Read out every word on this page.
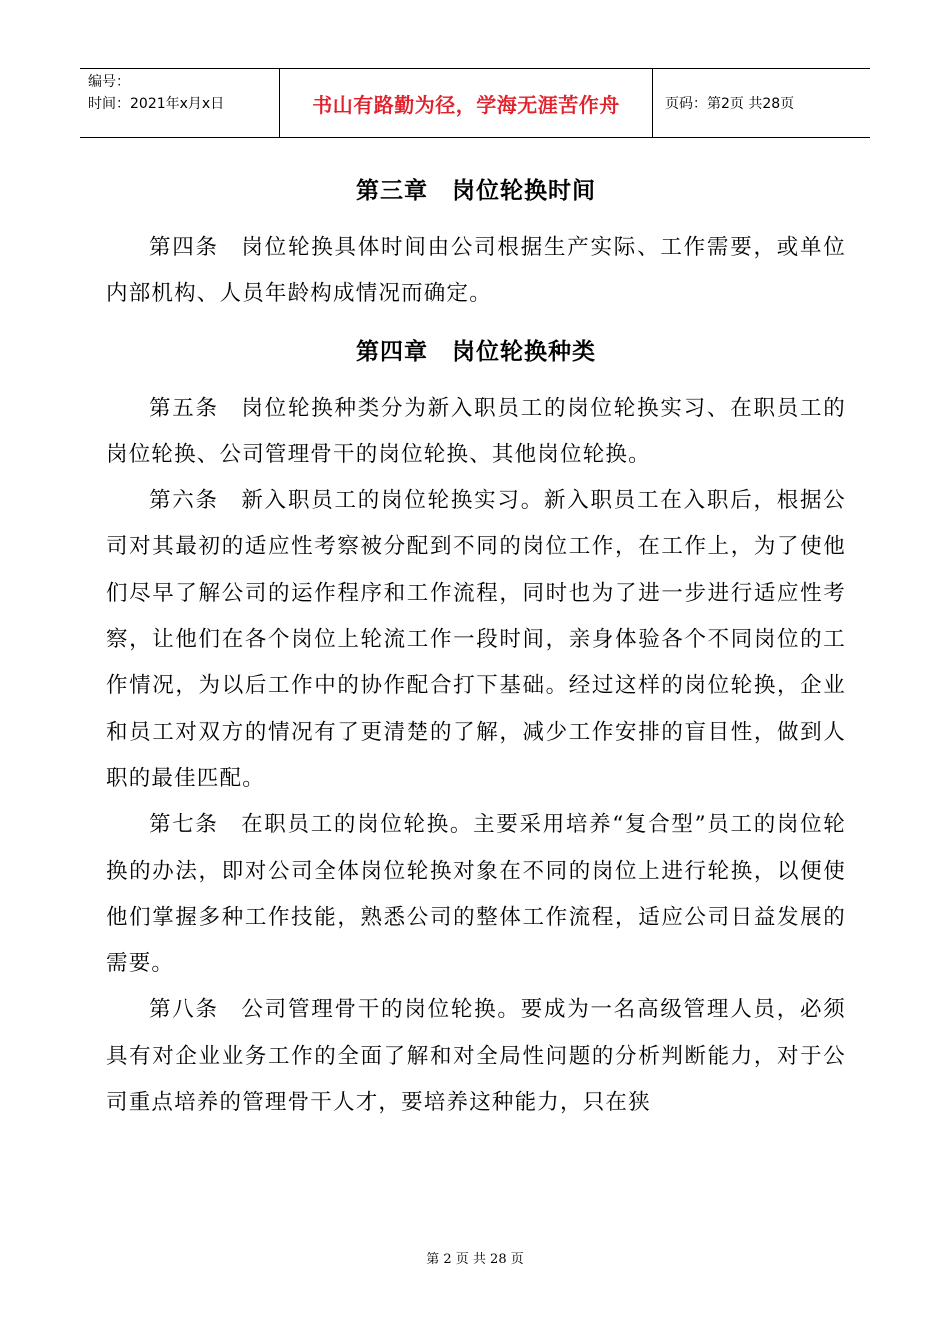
编号：
时间：2021年x月x日	书山有路勤为径，学海无涯苦作舟	页码：第2页 共28页
第三章　岗位轮换时间

第四条 岗位轮换具体时间由公司根据生产实际、工作需要，或单位内部机构、人员年龄构成情况而确定。

第四章　岗位轮换种类

第五条 岗位轮换种类分为新入职员工的岗位轮换实习、在职员工的岗位轮换、公司管理骨干的岗位轮换、其他岗位轮换。

第六条 新入职员工的岗位轮换实习。新入职员工在入职后，根据公司对其最初的适应性考察被分配到不同的岗位工作，在工作上，为了使他们尽早了解公司的运作程序和工作流程，同时也为了进一步进行适应性考察，让他们在各个岗位上轮流工作一段时间，亲身体验各个不同岗位的工作情况，为以后工作中的协作配合打下基础。经过这样的岗位轮换，企业和员工对双方的情况有了更清楚的了解，减少工作安排的盲目性，做到人职的最佳匹配。

第七条 在职员工的岗位轮换。主要采用培养“复合型”员工的岗位轮换的办法，即对公司全体岗位轮换对象在不同的岗位上进行轮换，以便使他们掌握多种工作技能，熟悉公司的整体工作流程，适应公司日益发展的需要。

第八条 公司管理骨干的岗位轮换。要成为一名高级管理人员，必须具有对企业业务工作的全面了解和对全局性问题的分析判断能力，对于公司重点培养的管理骨干人才，要培养这种能力，只在狭

第 2 页 共 28 页
